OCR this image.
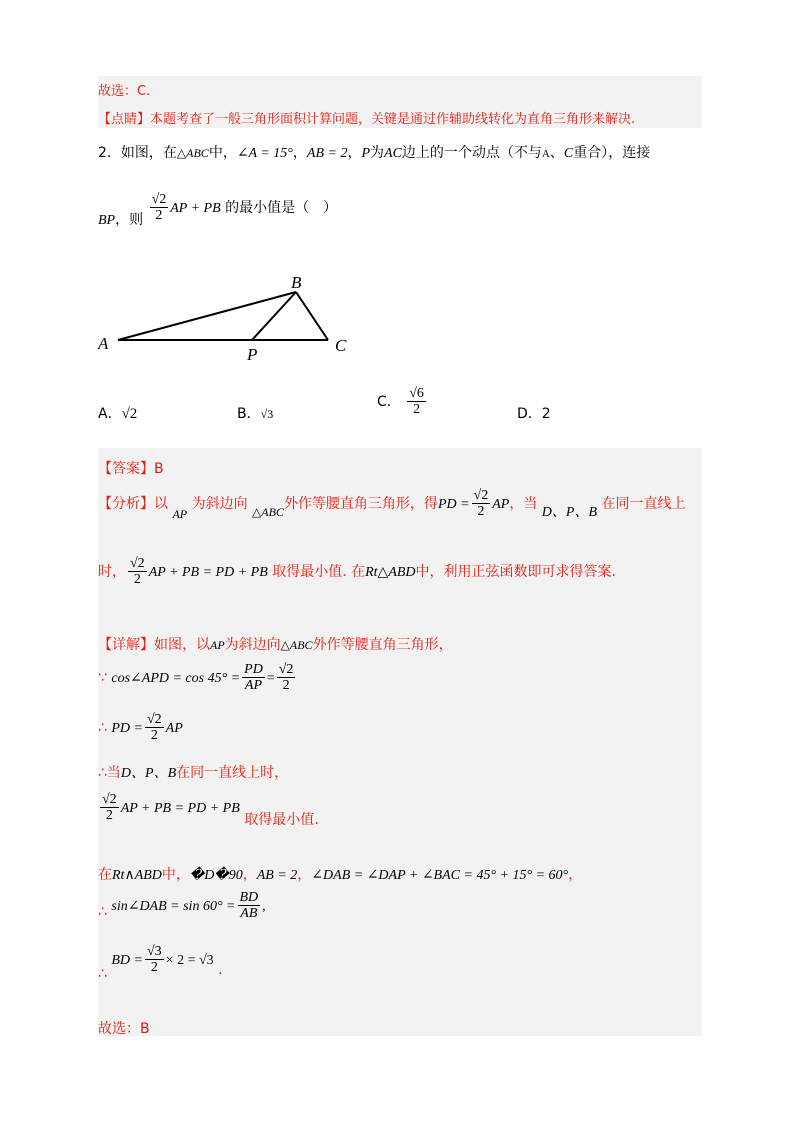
故选：C.
【点睛】本题考查了一般三角形面积计算问题，关键是通过作辅助线转化为直角三角形来解决.
2．如图，在△ABC中，∠A = 15°，AB = 2，P为AC边上的一个动点（不与A、C重合），连接
BP，则 $\frac{√2}{2}$ AP + PB 的最小值是（　）
A
B
C
P
A．√2	B．√3
C． $\frac{√6}{2}$	D．2
【答案】B
【分析】以 AP 为斜边向 △ABC外作等腰直角三角形，得PD = $\frac{√2}{2}$ AP，当 D、P、B 在同一直线上
时， $\frac{√2}{2}$ AP + PB = PD + PB 取得最小值. 在Rt△ABD中，利用正弦函数即可求得答案.
【详解】如图，以AP为斜边向△ABC外作等腰直角三角形，
∵ cos∠APD = $\cos 45^\circ = \frac{PD}{AP} = \frac{√2}{2}$
∴ PD = $\frac{√2}{2}$ AP
∴当D、P、B在同一直线上时，
$\frac{√2}{2}$ AP + PB = PD + PB 取得最小值.
在Rt∧ABD中，�D�90，AB = 2，∠DAB = ∠DAP + ∠BAC = 45° + 15° = 60°，
∴ sin∠DAB = $\sin 60^\circ = \frac{BD}{AB}$ ,
∴ BD = $\frac{√3}{2} \times 2 = √3$ .
故选：B
